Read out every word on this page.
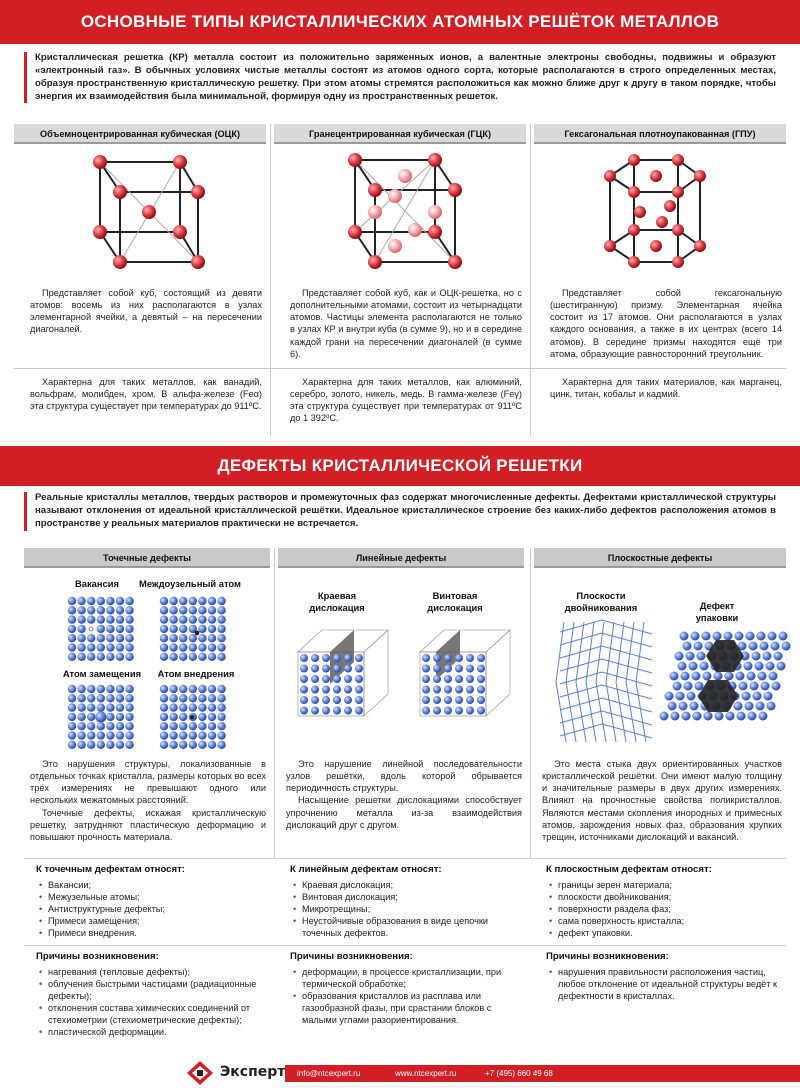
ОСНОВНЫЕ ТИПЫ КРИСТАЛЛИЧЕСКИХ АТОМНЫХ РЕШЁТОК МЕТАЛЛОВ
Кристаллическая решетка (КР) металла состоит из положительно заряженных ионов, а валентные электроны свободны, подвижны и образуют «электронный газ». В обычных условиях чистые металлы состоят из атомов одного сорта, которые располагаются в строго определенных местах, образуя пространственную кристаллическую решетку. При этом атомы стремятся расположиться как можно ближе друг к другу в таком порядке, чтобы энергия их взаимодействия была минимальной, формируя одну из пространственных решеток.
Объемноцентрированная кубическая (ОЦК)	Гранецентрированная кубическая (ГЦК)	Гексагональная плотноупакованная (ГПУ)
Представляет собой куб, состоящий из девяти атомов: восемь из них располагаются в узлах элементарной ячейки, а девятый – на пересечении диагоналей.
Представляет собой куб, как и ОЦК-решетка, но с дополнительными атомами, состоит из четырнадцати атомов. Частицы элемента располагаются не только в узлах КР и внутри куба (в сумме 9), но и в середине каждой грани на пересечении диагоналей (в сумме 6).
Представляет собой гексагональную (шестигранную) призму. Элементарная ячейка состоит из 17 атомов. Они располагаются в узлах каждого основания, а также в их центрах (всего 14 атомов). В середине призмы находятся ещё три атома, образующие равносторонний треугольник.
Характерна для таких металлов, как ванадий, вольфрам, молибден, хром. В альфа-железе (Feα) эта структура существует при температурах до 911ºС.
Характерна для таких металлов, как алюминий, серебро, золото, никель, медь. В гамма-железе (Feγ) эта структура существует при температурах от 911ºС до 1 392ºС.
Характерна для таких материалов, как марганец, цинк, титан, кобальт и кадмий.
ДЕФЕКТЫ КРИСТАЛЛИЧЕСКОЙ РЕШЕТКИ
Реальные кристаллы металлов, твердых растворов и промежуточных фаз содержат многочисленные дефекты. Дефектами кристаллической структуры называют отклонения от идеальной кристаллической решётки. Идеальное кристаллическое строение без каких-либо дефектов расположения атомов в пространстве у реальных материалов практически не встречается.
Точечные дефекты	Линейные дефекты	Плоскостные дефекты
Вакансия	Междоузельный атом
Атом замещения	Атом внедрения
Краевая дислокация
Винтовая дислокация
Плоскости двойникования	Дефект упаковки
Это нарушения структуры, локализованные в отдельных точках кристалла, размеры которых во всех трёх измерениях не превышают одного или нескольких межатомных расстояний.
Точечные дефекты, искажая кристаллическую решетку, затрудняют пластическую деформацию и повышают прочность материала.
Это нарушение линейной последовательности узлов решётки, вдоль которой обрывается периодичность структуры.
Насыщение решетки дислокациями способствует упрочнению металла из-за взаимодействия дислокаций друг с другом.
Это места стыка двух ориентированных участков кристаллической решётки. Они имеют малую толщину и значительные размеры в двух других измерениях. Влияют на прочностные свойства поликристаллов. Являются местами скопления инородных и примесных атомов, зарождения новых фаз, образования хрупких трещин, источниками дислокаций и вакансий.
К точечным дефектам относят:
• Вакансии;
• Межузельные атомы;
• Антиструктурные дефекты;
• Примеси замещения;
• Примеси внедрения.
К линейным дефектам относят:
• Краевая дислокация;
• Винтовая дислокация;
• Микротрещины;
• Неустойчивые образования в виде цепочки точечных дефектов.
К плоскостным дефектам относят:
• границы зерен материала;
• плоскости двойникования;
• поверхности раздела фаз;
• сама поверхность кристалла;
• дефект упаковки.
Причины возникновения:
• нагревания (тепловые дефекты);
• облучения быстрыми частицами (радиационные дефекты);
• отклонения состава химических соединений от стехиометрии (стехиометрические дефекты);
• пластической деформации.
Причины возникновения:
• деформации, в процессе кристаллизации, при термической обработке;
• образования кристаллов из расплава или газообразной фазы, при срастании блоков с малыми углами разориентирования.
Причины возникновения:
• нарушения правильности расположения частиц, любое отклонение от идеальной структуры ведёт к дефектности в кристаллах.
Эксперт info@ntcexpert.ru	www.ntcexpert.ru	+7 (495) 660 49 68
